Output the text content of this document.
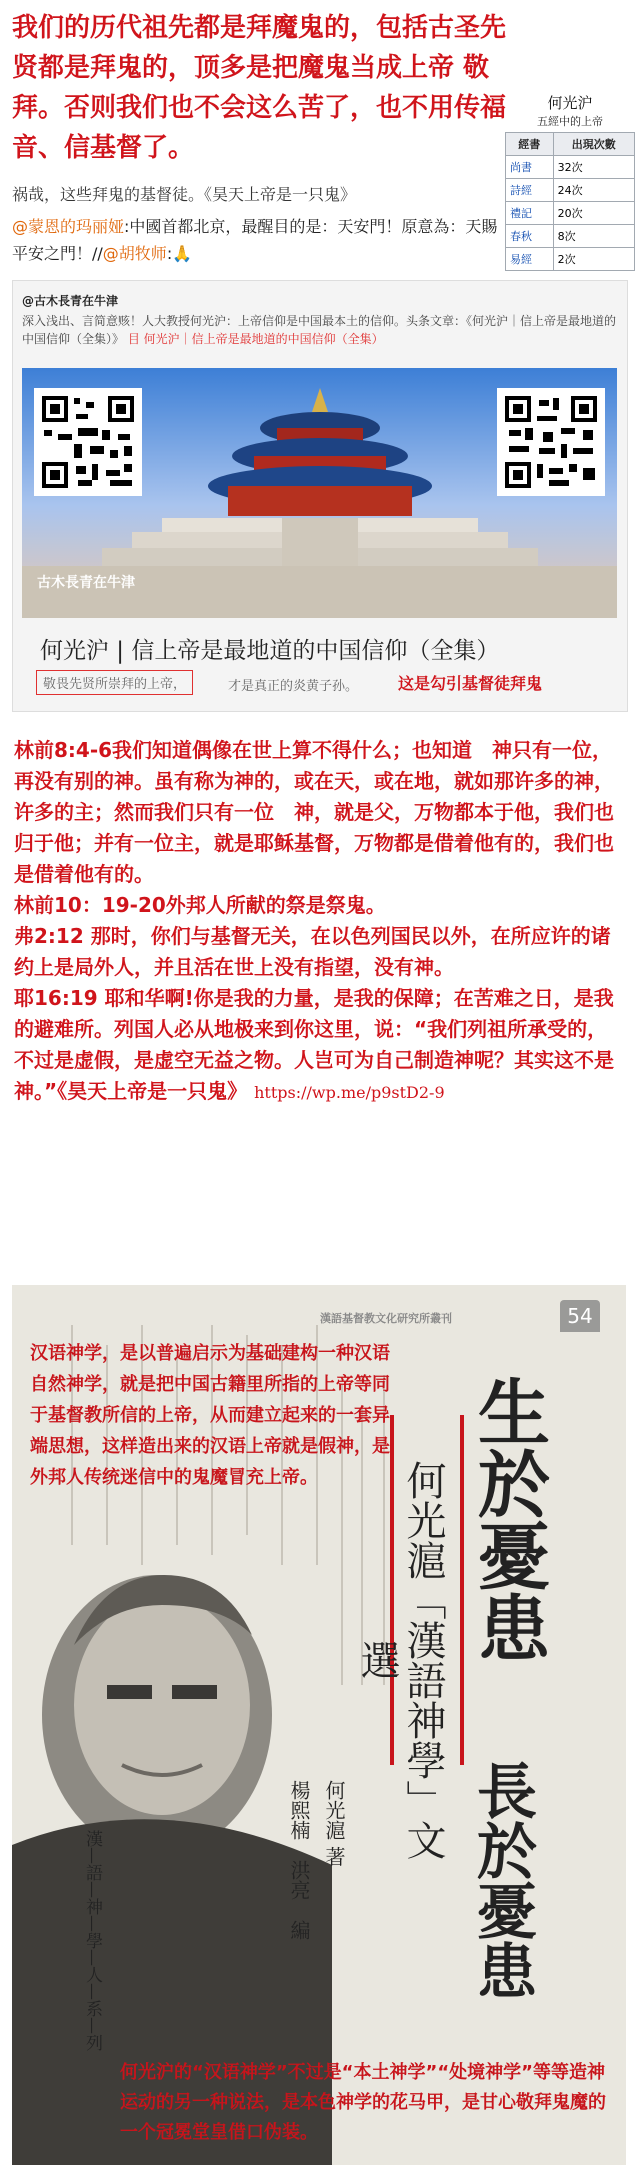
我们的历代祖先都是拜魔鬼的，包括古圣先贤都是拜鬼的，顶多是把魔鬼当成上帝 敬拜。否则我们也不会这么苦了，也不用传福音、信基督了。
何光沪
五經中的上帝
經書	出現次數
尚書	32次
詩經	24次
禮記	20次
春秋	8次
易經	2次
祸哉，这些拜鬼的基督徒。《昊天上帝是一只鬼》
@蒙恩的玛丽娅:中國首都北京，最醒目的是：天安門！原意為：天賜平安之門！//@胡牧师:🙏
@古木長青在牛津
深入浅出、言简意赅！人大教授何光沪：上帝信仰是中国最本土的信仰。头条文章：《何光沪｜信上帝是最地道的中国信仰（全集）》 目 何光沪｜信上帝是最地道的中国信仰（全集）
古木長青在牛津
何光沪 | 信上帝是最地道的中国信仰（全集）
敬畏先贤所崇拜的上帝，	才是真正的炎黄子孙。 这是勾引基督徒拜鬼

林前8:4-6我们知道偶像在世上算不得什么；也知道　神只有一位，再没有别的神。虽有称为神的，或在天，或在地，就如那许多的神，许多的主；然而我们只有一位　神，就是父，万物都本于他，我们也归于他；并有一位主，就是耶稣基督，万物都是借着他有的，我们也是借着他有的。

林前10：19-20外邦人所献的祭是祭鬼。

弗2:12 那时，你们与基督无关，在以色列国民以外，在所应许的诸约上是局外人，并且活在世上没有指望，没有神。

耶16:19 耶和华啊!你是我的力量，是我的保障；在苦难之日，是我的避难所。列国人必从地极来到你这里，说：“我们列祖所承受的，不过是虚假，是虚空无益之物。人岂可为自己制造神呢？其实这不是神。”《昊天上帝是一只鬼》 https://wp.me/p9stD2-9

54
漢語基督教文化研究所叢刊
汉语神学，是以普遍启示为基础建构一种汉语自然神学，就是把中国古籍里所指的上帝等同于基督教所信的上帝，从而建立起来的一套异端思想，这样造出来的汉语上帝就是假神，是外邦人传统迷信中的鬼魔冒充上帝。	生於憂患
長於憂患
何光滬「漢語神學」文選
何光滬 著
楊熙楠　洪亮　編
漢—語—神—學—人—系—列
何光沪的“汉语神学”不过是“本土神学”“处境神学”等等造神运动的另一种说法，是本色神学的花马甲，是甘心敬拜鬼魔的一个冠冕堂皇借口伪装。
